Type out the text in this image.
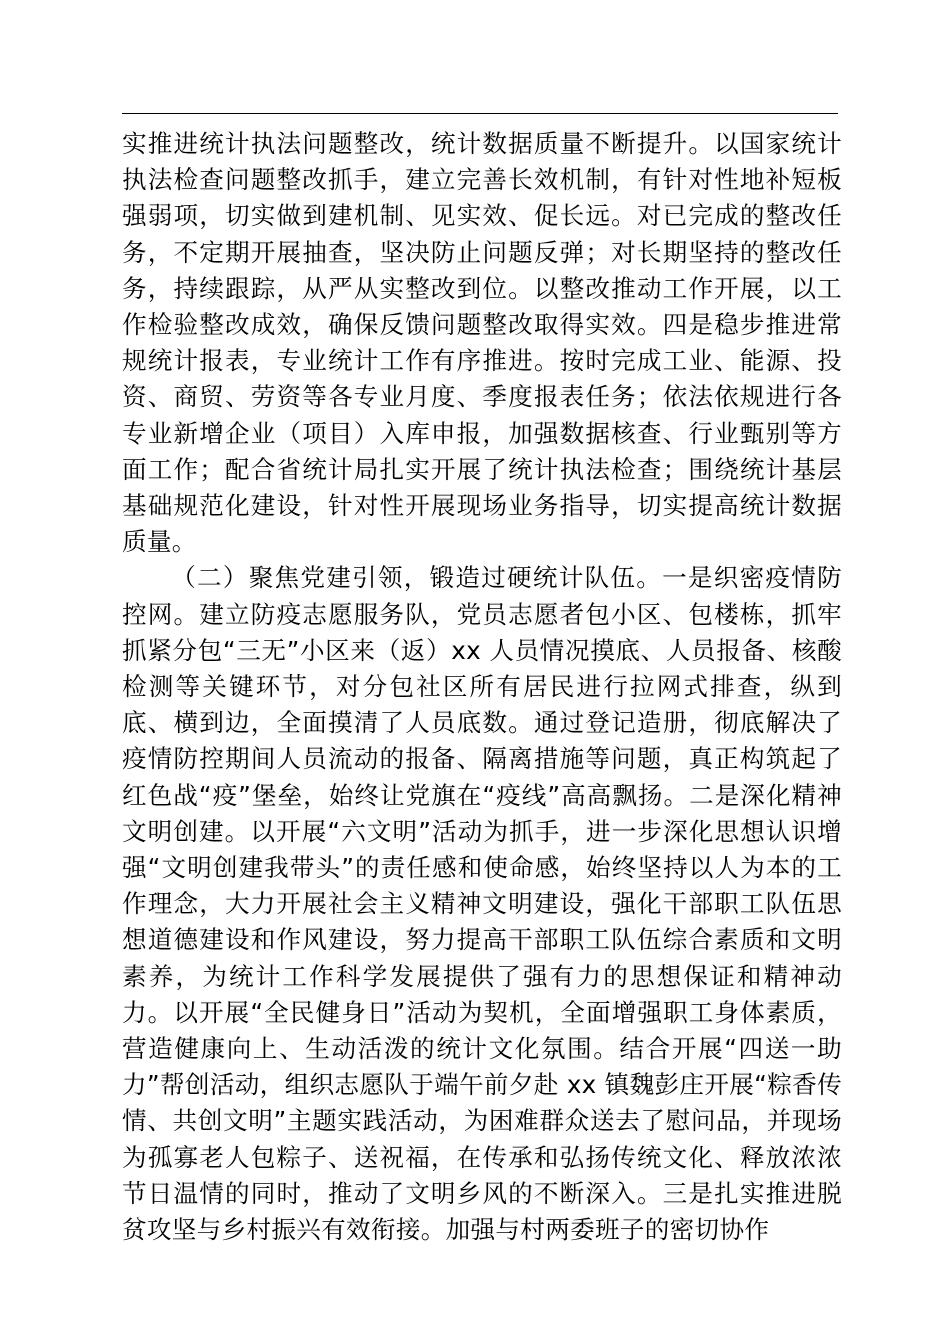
实推进统计执法问题整改，统计数据质量不断提升。以国家统计执法检查问题整改抓手，建立完善长效机制，有针对性地补短板强弱项，切实做到建机制、见实效、促长远。对已完成的整改任务，不定期开展抽查，坚决防止问题反弹；对长期坚持的整改任务，持续跟踪，从严从实整改到位。以整改推动工作开展，以工作检验整改成效，确保反馈问题整改取得实效。四是稳步推进常规统计报表，专业统计工作有序推进。按时完成工业、能源、投资、商贸、劳资等各专业月度、季度报表任务；依法依规进行各专业新增企业（项目）入库申报，加强数据核查、行业甄别等方面工作；配合省统计局扎实开展了统计执法检查；围绕统计基层基础规范化建设，针对性开展现场业务指导，切实提高统计数据质量。

（二）聚焦党建引领，锻造过硬统计队伍。一是织密疫情防控网。建立防疫志愿服务队，党员志愿者包小区、包楼栋，抓牢抓紧分包“三无”小区来（返）xx 人员情况摸底、人员报备、核酸检测等关键环节，对分包社区所有居民进行拉网式排查，纵到底、横到边，全面摸清了人员底数。通过登记造册，彻底解决了疫情防控期间人员流动的报备、隔离措施等问题，真正构筑起了红色战“疫”堡垒，始终让党旗在“疫线”高高飘扬。二是深化精神文明创建。以开展“六文明”活动为抓手，进一步深化思想认识增强“文明创建我带头”的责任感和使命感，始终坚持以人为本的工作理念，大力开展社会主义精神文明建设，强化干部职工队伍思想道德建设和作风建设，努力提高干部职工队伍综合素质和文明素养，为统计工作科学发展提供了强有力的思想保证和精神动力。以开展“全民健身日”活动为契机，全面增强职工身体素质，营造健康向上、生动活泼的统计文化氛围。结合开展“四送一助力”帮创活动，组织志愿队于端午前夕赴 xx 镇魏彭庄开展“粽香传情、共创文明”主题实践活动，为困难群众送去了慰问品，并现场为孤寡老人包粽子、送祝福，在传承和弘扬传统文化、释放浓浓节日温情的同时，推动了文明乡风的不断深入。三是扎实推进脱贫攻坚与乡村振兴有效衔接。加强与村两委班子的密切协作
